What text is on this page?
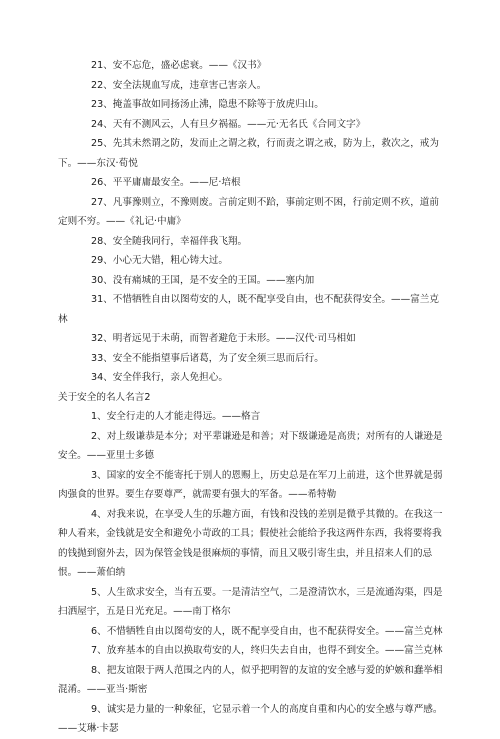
21、安不忘危，盛必虑衰。——《汉书》

22、安全法规血写成，违章害己害亲人。

23、掩盖事故如同扬汤止沸，隐患不除等于放虎归山。

24、天有不测风云，人有旦夕祸福。——元·无名氏《合同文字》

25、先其未然谓之防，发而止之谓之救，行而责之谓之戒，防为上，救次之，戒为下。——东汉·荀悦

26、平平庸庸最安全。——尼·培根

27、凡事豫则立，不豫则废。言前定则不跲，事前定则不困，行前定则不疚，道前定则不穷。——《礼记·中庸》

28、安全随我同行，幸福伴我飞翔。

29、小心无大错，粗心铸大过。

30、没有痛城的王国，是不安全的王国。——塞内加

31、不惜牺牲自由以图苟安的人，既不配享受自由，也不配获得安全。——富兰克林

32、明者远见于未萌，而智者避危于未形。——汉代·司马相如

33、安全不能指望事后诸葛，为了安全须三思而后行。

34、安全伴我行，亲人免担心。

关于安全的名人名言2

1、安全行走的人才能走得远。——格言

2、对上级谦恭是本分；对平辈谦逊是和善；对下级谦逊是高贵；对所有的人谦逊是安全。——亚里士多德

3、国家的安全不能寄托于别人的恩赐上，历史总是在军刀上前进，这个世界就是弱肉强食的世界。要生存要尊严，就需要有强大的军备。——希特勒

4、对我来说，在享受人生的乐趣方面，有钱和没钱的差别是微乎其微的。在我这一种人看来，金钱就是安全和避免小苛政的工具；假使社会能给予我这两件东西，我将要将我的钱抛到窗外去，因为保管金钱是很麻烦的事情，而且又吸引寄生虫，并且招来人们的忌恨。——萧伯纳

5、人生欲求安全，当有五要。一是清洁空气，二是澄清饮水，三是流通沟渠，四是扫洒屋宇，五是日光充足。——南丁格尔

6、不惜牺牲自由以图苟安的人，既不配享受自由，也不配获得安全。——富兰克林

7、放弃基本的自由以换取苟安的人，终归失去自由，也得不到安全。——富兰克林

8、把友谊限于两人范围之内的人，似乎把明智的友谊的安全感与爱的妒嫉和蠢举相混淆。——亚当·斯密

9、诚实是力量的一种象征，它显示着一个人的高度自重和内心的安全感与尊严感。——艾琳·卡瑟
